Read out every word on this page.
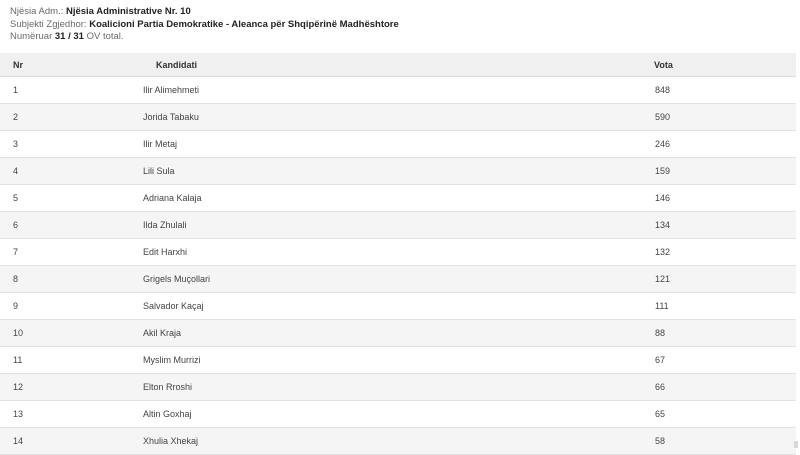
Njësia Adm.: Njësia Administrative Nr. 10
Subjekti Zgjedhor: Koalicioni Partia Demokratike - Aleanca për Shqipërinë Madhështore
Numëruar 31 / 31 OV total.
Nr	Kandidati	Vota
1	Ilir Alimehmeti	848
2	Jorida Tabaku	590
3	Ilir Metaj	246
4	Lili Sula	159
5	Adriana Kalaja	146
6	Ilda Zhulali	134
7	Edit Harxhi	132
8	Grigels Muçollari	121
9	Salvador Kaçaj	111
10	Akil Kraja	88
11	Myslim Murrizi	67
12	Elton Rroshi	66
13	Altin Goxhaj	65
14	Xhulia Xhekaj	58
